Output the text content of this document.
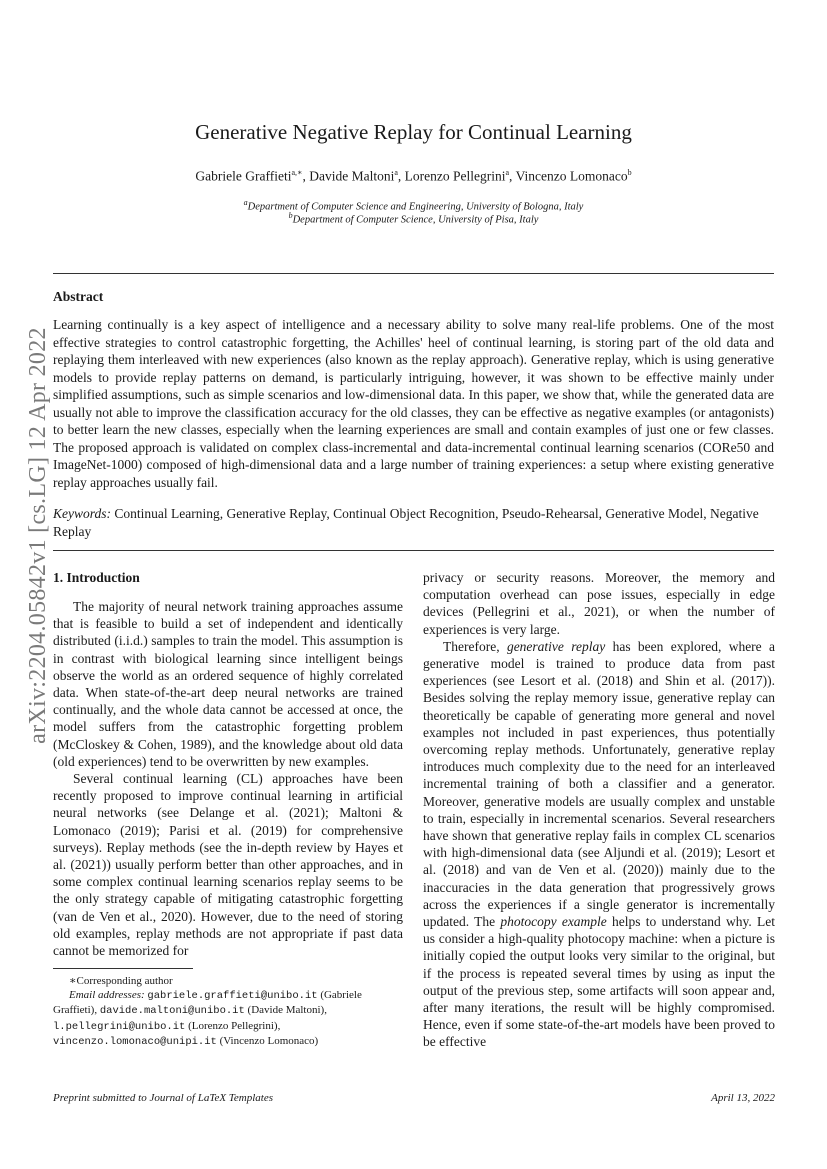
arXiv:2204.05842v1 [cs.LG] 12 Apr 2022
Generative Negative Replay for Continual Learning
Gabriele Graffieti$^{a,∗}$, Davide Maltoni$^a$, Lorenzo Pellegrini$^a$, Vincenzo Lomonaco$^b$
$^a$Department of Computer Science and Engineering, University of Bologna, Italy
$^b$Department of Computer Science, University of Pisa, Italy
Abstract
Learning continually is a key aspect of intelligence and a necessary ability to solve many real-life problems. One of the most effective strategies to control catastrophic forgetting, the Achilles' heel of continual learning, is storing part of the old data and replaying them interleaved with new experiences (also known as the replay approach). Generative replay, which is using generative models to provide replay patterns on demand, is particularly intriguing, however, it was shown to be effective mainly under simplified assumptions, such as simple scenarios and low-dimensional data. In this paper, we show that, while the generated data are usually not able to improve the classification accuracy for the old classes, they can be effective as negative examples (or antagonists) to better learn the new classes, especially when the learning experiences are small and contain examples of just one or few classes. The proposed approach is validated on complex class-incremental and data-incremental continual learning scenarios (CORe50 and ImageNet-1000) composed of high-dimensional data and a large number of training experiences: a setup where existing generative replay approaches usually fail.
Keywords: Continual Learning, Generative Replay, Continual Object Recognition, Pseudo-Rehearsal, Generative Model, Negative Replay
1. Introduction

The majority of neural network training approaches assume that is feasible to build a set of independent and identically distributed (i.i.d.) samples to train the model. This assumption is in contrast with biological learning since intelligent beings observe the world as an ordered sequence of highly correlated data. When state-of-the-art deep neural networks are trained continually, and the whole data cannot be accessed at once, the model suffers from the catastrophic forgetting problem (McCloskey & Cohen, 1989), and the knowledge about old data (old experiences) tend to be overwritten by new examples.

Several continual learning (CL) approaches have been recently proposed to improve continual learning in artificial neural networks (see Delange et al. (2021); Maltoni & Lomonaco (2019); Parisi et al. (2019) for comprehensive surveys). Replay methods (see the in-depth review by Hayes et al. (2021)) usually perform better than other approaches, and in some complex continual learning scenarios replay seems to be the only strategy capable of mitigating catastrophic forgetting (van de Ven et al., 2020). However, due to the need of storing old examples, replay methods are not appropriate if past data cannot be memorized for

privacy or security reasons. Moreover, the memory and computation overhead can pose issues, especially in edge devices (Pellegrini et al., 2021), or when the number of experiences is very large.

Therefore, generative replay has been explored, where a generative model is trained to produce data from past experiences (see Lesort et al. (2018) and Shin et al. (2017)). Besides solving the replay memory issue, generative replay can theoretically be capable of generating more general and novel examples not included in past experiences, thus potentially overcoming replay methods. Unfortunately, generative replay introduces much complexity due to the need for an interleaved incremental training of both a classifier and a generator. Moreover, generative models are usually complex and unstable to train, especially in incremental scenarios. Several researchers have shown that generative replay fails in complex CL scenarios with high-dimensional data (see Aljundi et al. (2019); Lesort et al. (2018) and van de Ven et al. (2020)) mainly due to the inaccuracies in the data generation that progressively grows across the experiences if a single generator is incrementally updated. The photocopy example helps to understand why. Let us consider a high-quality photocopy machine: when a picture is initially copied the output looks very similar to the original, but if the process is repeated several times by using as input the output of the previous step, some artifacts will soon appear and, after many iterations, the result will be highly compromised. Hence, even if some state-of-the-art models have been proved to be effective

∗Corresponding author
Email addresses: gabriele.graffieti@unibo.it (Gabriele Graffieti), davide.maltoni@unibo.it (Davide Maltoni), l.pellegrini@unibo.it (Lorenzo Pellegrini), vincenzo.lomonaco@unipi.it (Vincenzo Lomonaco)
Preprint submitted to Journal of LaTeX Templates	April 13, 2022
